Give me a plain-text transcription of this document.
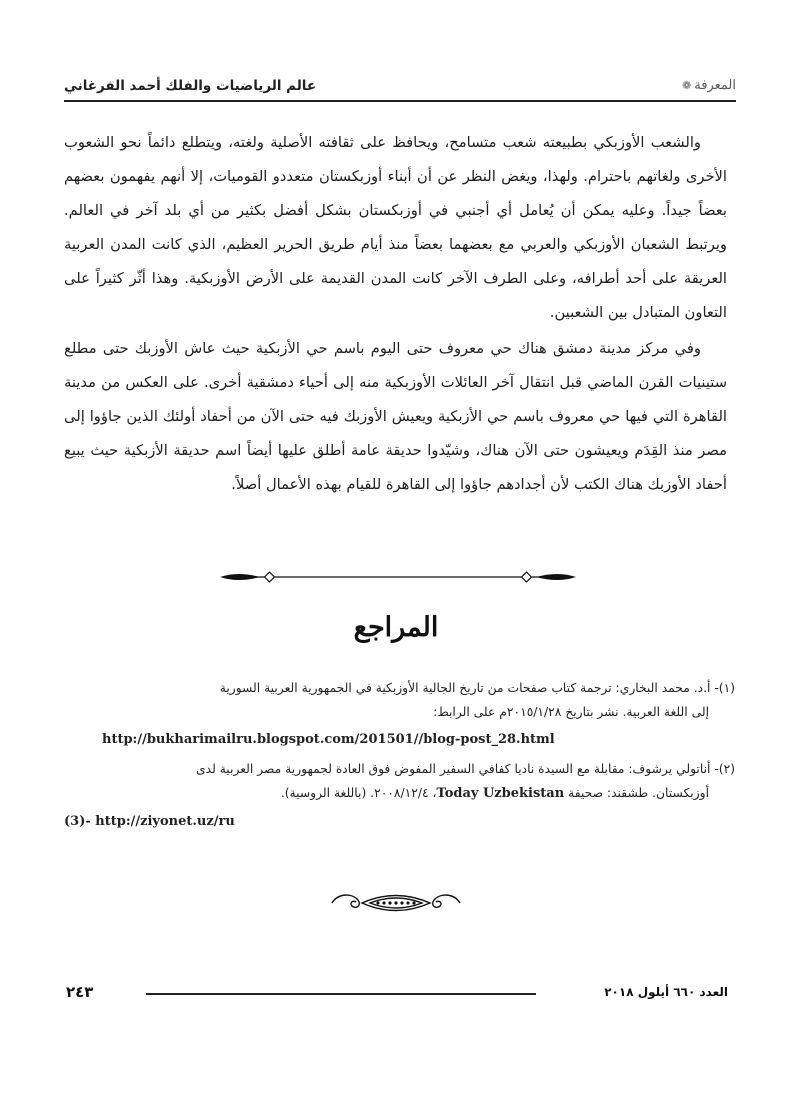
المعرفة
❁
عالم الرياضيات والفلك أحمد الفرغاني

والشعب الأوزبكي بطبيعته شعب متسامح، ويحافظ على ثقافته الأصلية ولغته، ويتطلع دائماً نحو الشعوب الأخرى ولغاتهم باحترام. ولهذا، ويغض النظر عن أن أبناء أوزبكستان متعددو القوميات، إلا أنهم يفهمون بعضهم بعضاً جيداً. وعليه يمكن أن يُعامل أي أجنبي في أوزبكستان بشكل أفضل بكثير من أي بلد آخر في العالم. ويرتبط الشعبان الأوزبكي والعربي مع بعضهما بعضاً منذ أيام طريق الحرير العظيم، الذي كانت المدن العربية العريقة على أحد أطرافه، وعلى الطرف الآخر كانت المدن القديمة على الأرض الأوزبكية. وهذا أثّر كثيراً على التعاون المتبادل بين الشعبين.

وفي مركز مدينة دمشق هناك حي معروف حتى اليوم باسم حي الأزبكية حيث عاش الأوزبك حتى مطلع ستينيات القرن الماضي قبل انتقال آخر العائلات الأوزبكية منه إلى أحياء دمشقية أخرى. على العكس من مدينة القاهرة التي فيها حي معروف باسم حي الأزبكية ويعيش الأوزبك فيه حتى الآن من أحفاد أولئك الذين جاؤوا إلى مصر منذ القِدَم ويعيشون حتى الآن هناك، وشيّدوا حديقة عامة أطلق عليها أيضاً اسم حديقة الأزبكية حيث يبيع أحفاد الأوزبك هناك الكتب لأن أجدادهم جاؤوا إلى القاهرة للقيام بهذه الأعمال أصلاً.

المراجع
(١)- أ.د. محمد البخاري: ترجمة كتاب صفحات من تاريخ الجالية الأوزبكية في الجمهورية العربية السورية
إلى اللغة العربية. نشر بتاريخ ٢٠١٥/١/٢٨م على الرابط:
http://bukharimailru.blogspot.com/201501//blog-post_28.html
(٢)- أناتولي يرشوف: مقابلة مع السيدة ناديا كفافي السفير المفوض فوق العادة لجمهورية مصر العربية لدى
أوزبكستان. طشقند: صحيفة Today Uzbekistan، ٢٠٠٨/١٢/٤. (باللغة الروسية).
(3)- http://ziyonet.uz/ru
٢٤٣	العدد ٦٦٠ أيلول ٢٠١٨
